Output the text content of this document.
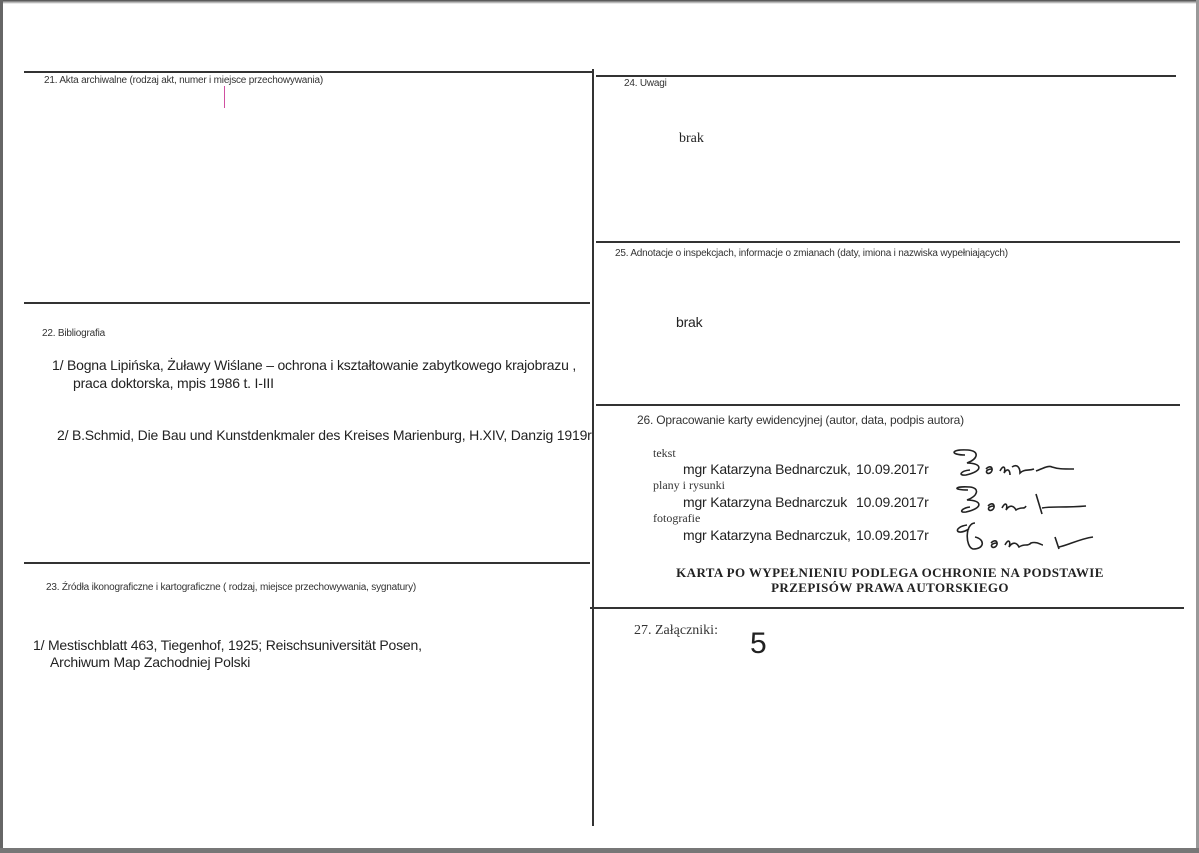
21. Akta archiwalne (rodzaj akt, numer i miejsce przechowywania)
22. Bibliografia
1/ Bogna Lipińska, Żuławy Wiślane – ochrona i kształtowanie zabytkowego krajobrazu ,
praca doktorska, mpis 1986 t. I-III
2/ B.Schmid, Die Bau und Kunstdenkmaler des Kreises Marienburg, H.XIV, Danzig 1919r
23. Źródła ikonograficzne i kartograficzne ( rodzaj, miejsce przechowywania, sygnatury)
1/ Mestischblatt 463, Tiegenhof, 1925; Reischsuniversität Posen,
Archiwum Map Zachodniej Polski
24. Uwagi
brak
25. Adnotacje o inspekcjach, informacje o zmianach (daty, imiona i nazwiska wypełniających)
brak
26. Opracowanie karty ewidencyjnej (autor, data, podpis autora)
tekst
mgr Katarzyna Bednarczuk, 10.09.2017r
plany i rysunki
mgr Katarzyna Bednarczuk 10.09.2017r
fotografie
mgr Katarzyna Bednarczuk, 10.09.2017r
KARTA PO WYPEŁNIENIU PODLEGA OCHRONIE NA PODSTAWIE
PRZEPISÓW PRAWA AUTORSKIEGO
27. Załączniki: 5
